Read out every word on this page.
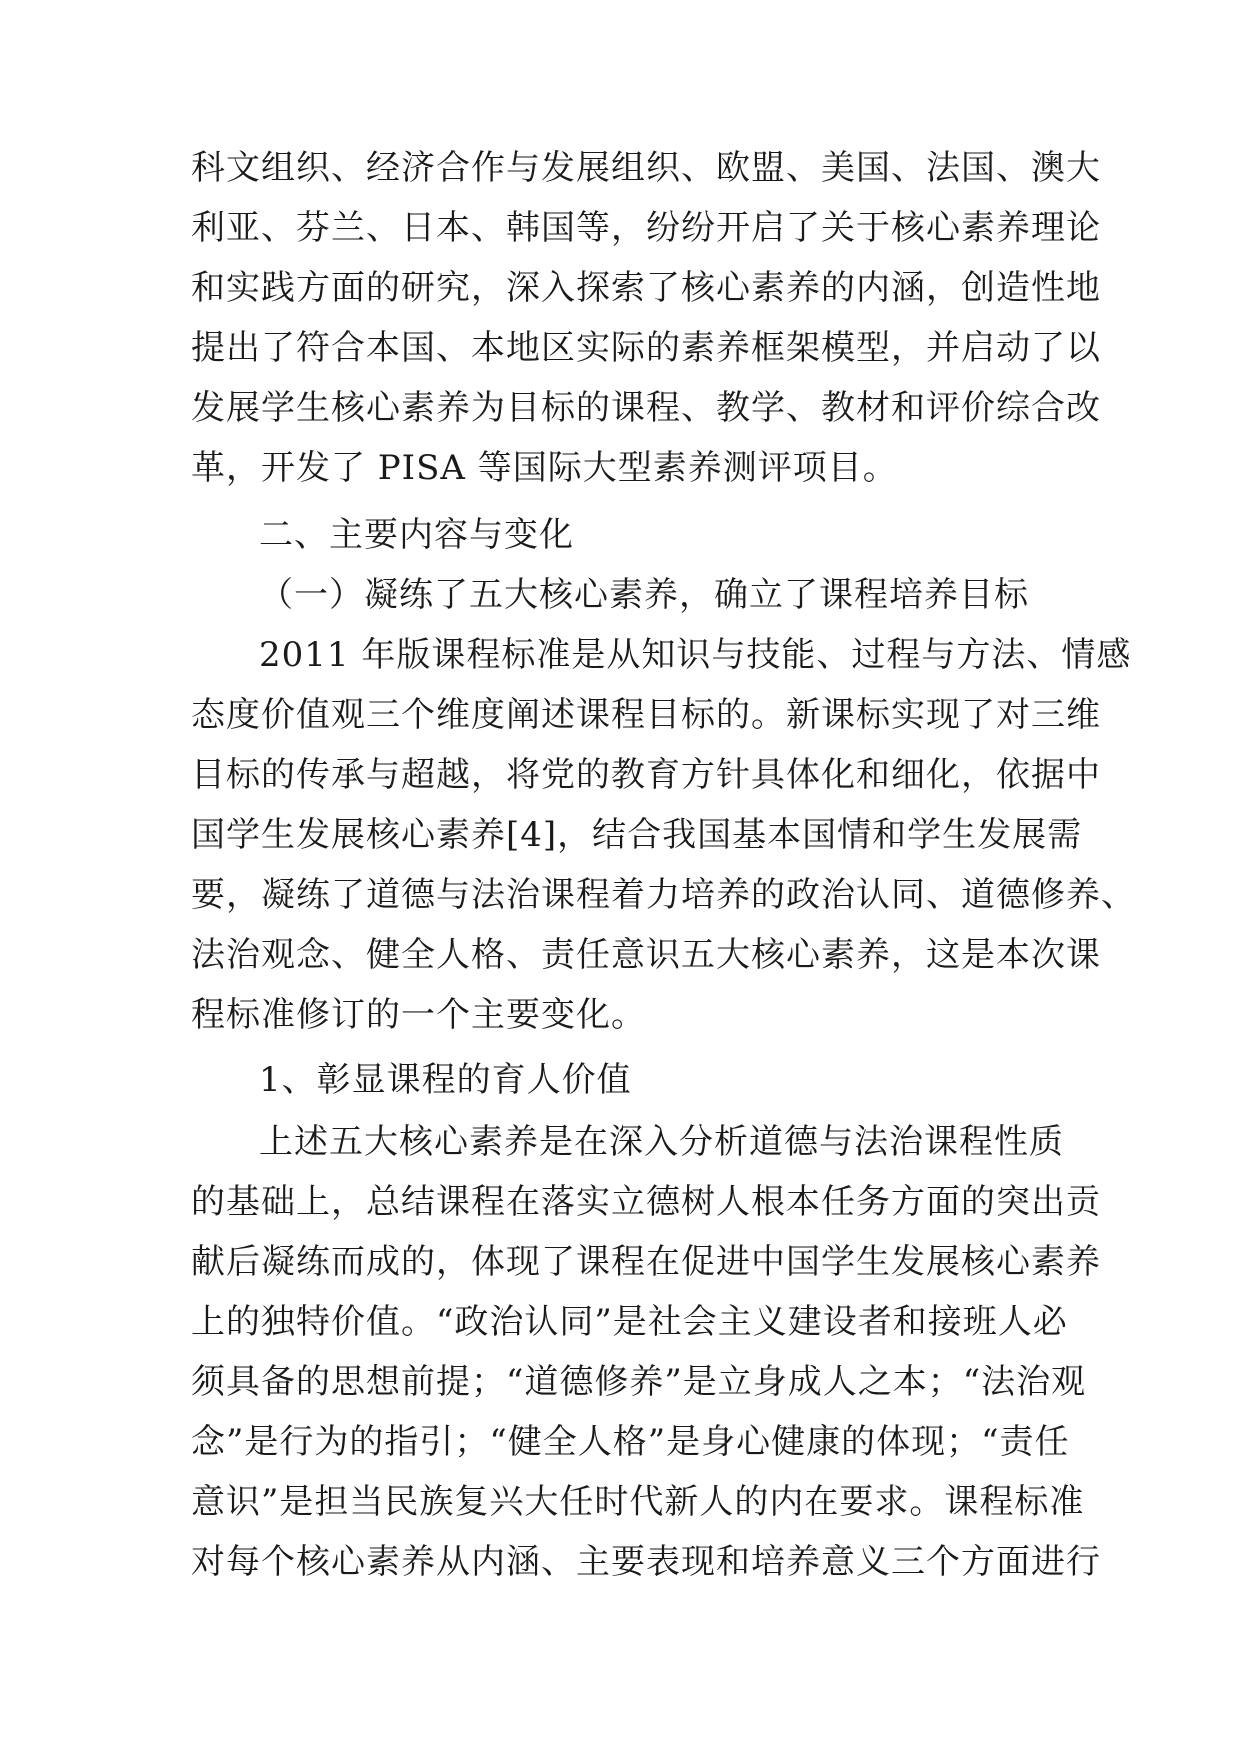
科文组织、经济合作与发展组织、欧盟、美国、法国、澳大
利亚、芬兰、日本、韩国等，纷纷开启了关于核心素养理论
和实践方面的研究，深入探索了核心素养的内涵，创造性地
提出了符合本国、本地区实际的素养框架模型，并启动了以
发展学生核心素养为目标的课程、教学、教材和评价综合改
革，开发了 PISA 等国际大型素养测评项目。
二、主要内容与变化
（一）凝练了五大核心素养，确立了课程培养目标
2011 年版课程标准是从知识与技能、过程与方法、情感
态度价值观三个维度阐述课程目标的。新课标实现了对三维
目标的传承与超越，将党的教育方针具体化和细化，依据中
国学生发展核心素养[4]，结合我国基本国情和学生发展需
要，凝练了道德与法治课程着力培养的政治认同、道德修养、
法治观念、健全人格、责任意识五大核心素养，这是本次课
程标准修订的一个主要变化。
1、彰显课程的育人价值
上述五大核心素养是在深入分析道德与法治课程性质
的基础上，总结课程在落实立德树人根本任务方面的突出贡
献后凝练而成的，体现了课程在促进中国学生发展核心素养
上的独特价值。“政治认同”是社会主义建设者和接班人必
须具备的思想前提；“道德修养”是立身成人之本；“法治观
念”是行为的指引；“健全人格”是身心健康的体现；“责任
意识”是担当民族复兴大任时代新人的内在要求。课程标准
对每个核心素养从内涵、主要表现和培养意义三个方面进行
